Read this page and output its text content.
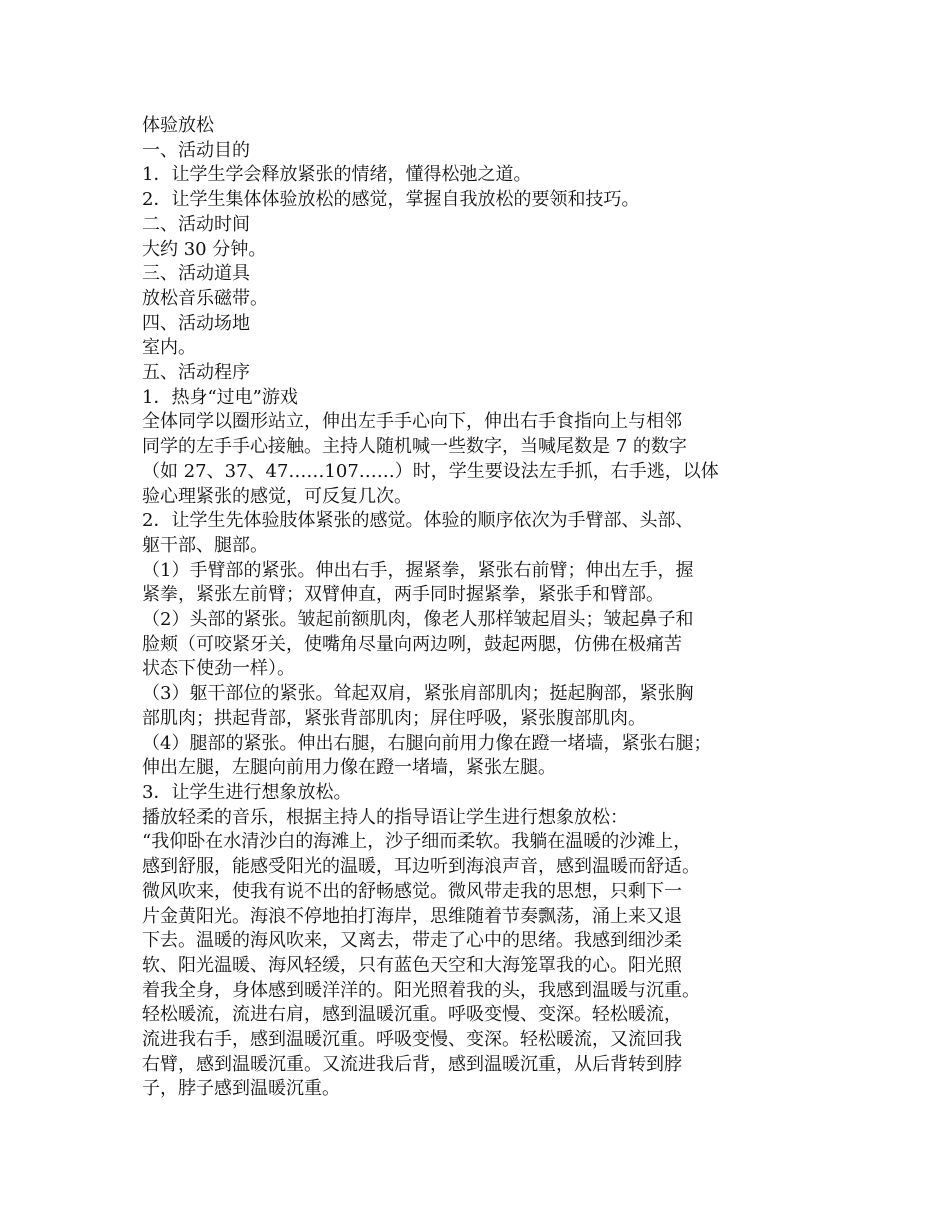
体验放松
一、活动目的
1．让学生学会释放紧张的情绪，懂得松弛之道。
2．让学生集体体验放松的感觉，掌握自我放松的要领和技巧。
二、活动时间
大约 30 分钟。
三、活动道具
放松音乐磁带。
四、活动场地
室内。
五、活动程序
1．热身“过电”游戏
全体同学以圈形站立，伸出左手手心向下，伸出右手食指向上与相邻
同学的左手手心接触。主持人随机喊一些数字，当喊尾数是 7 的数字
（如 27、37、47……107……）时，学生要设法左手抓，右手逃，以体
验心理紧张的感觉，可反复几次。
2．让学生先体验肢体紧张的感觉。体验的顺序依次为手臂部、头部、
躯干部、腿部。
（1）手臂部的紧张。伸出右手，握紧拳，紧张右前臂；伸出左手，握
紧拳，紧张左前臂；双臂伸直，两手同时握紧拳，紧张手和臂部。
（2）头部的紧张。皱起前额肌肉，像老人那样皱起眉头；皱起鼻子和
脸颊（可咬紧牙关，使嘴角尽量向两边咧，鼓起两腮，仿佛在极痛苦
状态下使劲一样）。
（3）躯干部位的紧张。耸起双肩，紧张肩部肌肉；挺起胸部，紧张胸
部肌肉；拱起背部，紧张背部肌肉；屏住呼吸，紧张腹部肌肉。
（4）腿部的紧张。伸出右腿，右腿向前用力像在蹬一堵墙，紧张右腿；
伸出左腿，左腿向前用力像在蹬一堵墙，紧张左腿。
3．让学生进行想象放松。
播放轻柔的音乐，根据主持人的指导语让学生进行想象放松：
“我仰卧在水清沙白的海滩上，沙子细而柔软。我躺在温暖的沙滩上，
感到舒服，能感受阳光的温暖，耳边听到海浪声音，感到温暖而舒适。
微风吹来，使我有说不出的舒畅感觉。微风带走我的思想，只剩下一
片金黄阳光。海浪不停地拍打海岸，思维随着节奏飘荡，涌上来又退
下去。温暖的海风吹来，又离去，带走了心中的思绪。我感到细沙柔
软、阳光温暖、海风轻缓，只有蓝色天空和大海笼罩我的心。阳光照
着我全身，身体感到暖洋洋的。阳光照着我的头，我感到温暖与沉重。
轻松暖流，流进右肩，感到温暖沉重。呼吸变慢、变深。轻松暖流，
流进我右手，感到温暖沉重。呼吸变慢、变深。轻松暖流，又流回我
右臂，感到温暖沉重。又流进我后背，感到温暖沉重，从后背转到脖
子，脖子感到温暖沉重。
